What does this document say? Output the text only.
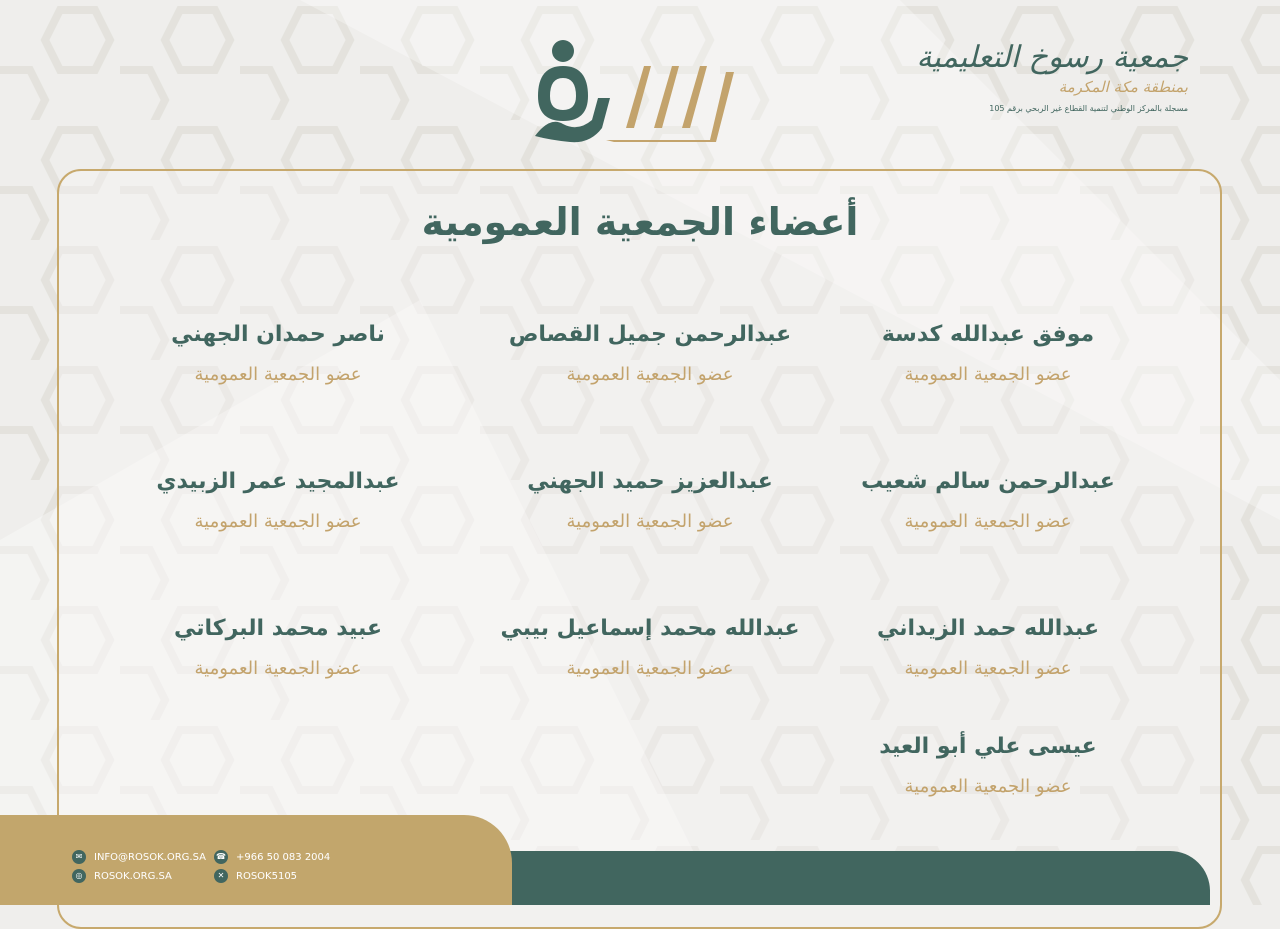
جمعية رسوخ التعليمية
بمنطقة مكة المكرمة
مسجلة بالمركز الوطني لتنمية القطاع غير الربحي برقم 105
أعضاء الجمعية العمومية
موفق عبدالله كدسة
عضو الجمعية العمومية
عبدالرحمن جميل القصاص
عضو الجمعية العمومية
ناصر حمدان الجهني
عضو الجمعية العمومية
عبدالرحمن سالم شعيب
عضو الجمعية العمومية
عبدالعزيز حميد الجهني
عضو الجمعية العمومية
عبدالمجيد عمر الزبيدي
عضو الجمعية العمومية
عبدالله حمد الزيداني
عضو الجمعية العمومية
عبدالله محمد إسماعيل بيبي
عضو الجمعية العمومية
عبيد محمد البركاتي
عضو الجمعية العمومية
عيسى علي أبو العيد
عضو الجمعية العمومية
✉	INFO@ROSOK.ORG.SA
◎	ROSOK.ORG.SA
☎ +966 50 083 2004
✕	ROSOK5105
